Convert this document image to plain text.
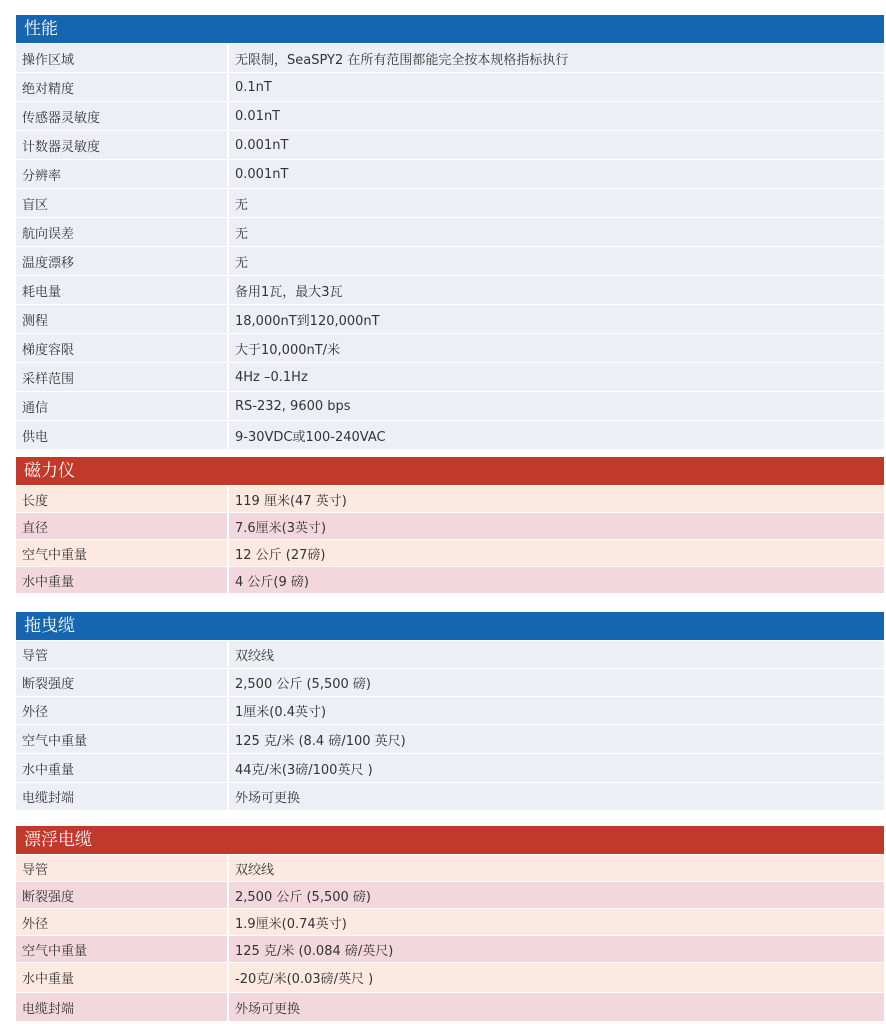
性能
操作区域	无限制，SeaSPY2 在所有范围都能完全按本规格指标执行
绝对精度	0.1nT
传感器灵敏度	0.01nT
计数器灵敏度	0.001nT
分辨率	0.001nT
盲区	无
航向误差	无
温度漂移	无
耗电量	备用1瓦，最大3瓦
测程	18,000nT到120,000nT
梯度容限	大于10,000nT/米
采样范围	4Hz –0.1Hz
通信	RS-232, 9600 bps
供电	9-30VDC或100-240VAC
磁力仪
长度	119 厘米(47 英寸)
直径	7.6厘米(3英寸)
空气中重量	12 公斤 (27磅)
水中重量	4 公斤(9 磅)
拖曳缆
导管	双绞线
断裂强度	2,500 公斤 (5,500 磅)
外径	1厘米(0.4英寸)
空气中重量	125 克/米 (8.4 磅/100 英尺)
水中重量	44克/米(3磅/100英尺 )
电缆封端	外场可更换
漂浮电缆
导管	双绞线
断裂强度	2,500 公斤 (5,500 磅)
外径	1.9厘米(0.74英寸)
空气中重量	125 克/米 (0.084 磅/英尺)
水中重量	-20克/米(0.03磅/英尺 )
电缆封端	外场可更换
